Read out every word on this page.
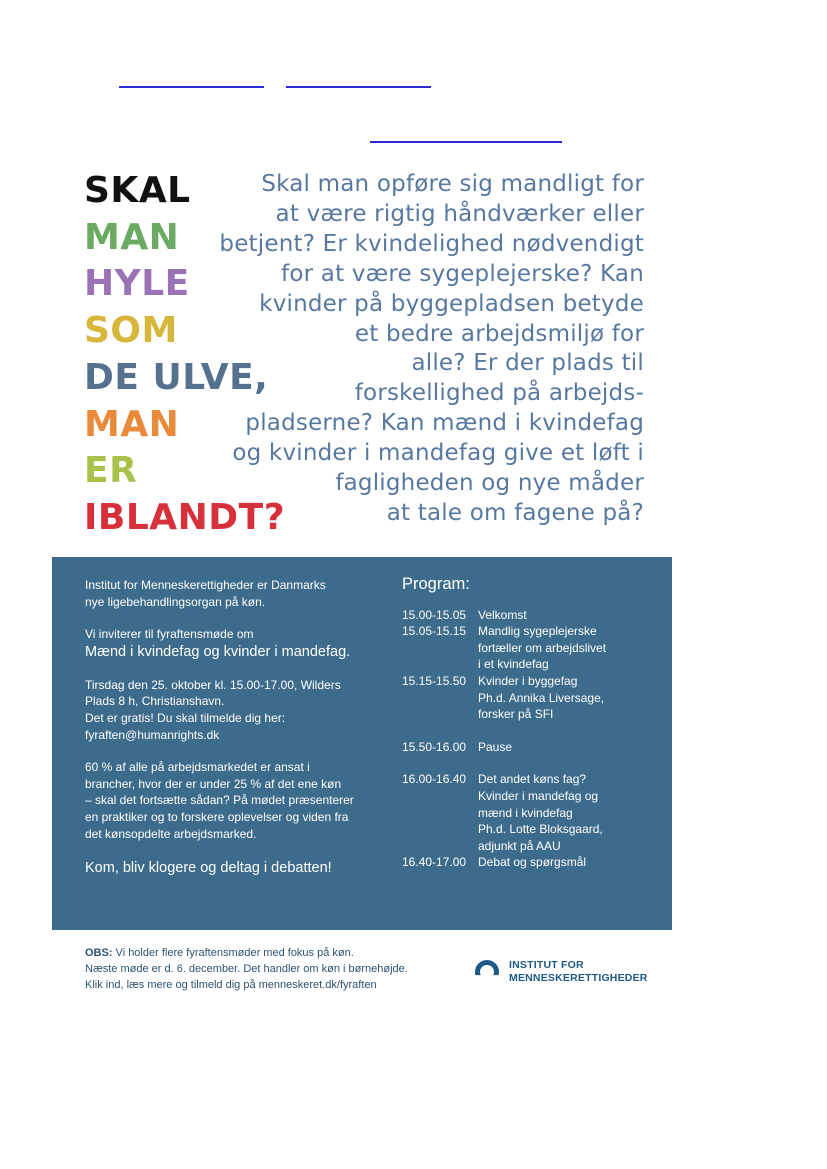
SKAL
MAN
HYLE
SOM
DE ULVE,
MAN
ER
IBLANDT?
Skal man opføre sig mandligt for
at være rigtig håndværker eller
betjent? Er kvindelighed nødvendigt
for at være sygeplejerske? Kan
kvinder på byggepladsen betyde
et bedre arbejdsmiljø for
alle? Er der plads til
forskellighed på arbejds-
pladserne? Kan mænd i kvindefag
og kvinder i mandefag give et løft i
fagligheden og nye måder
at tale om fagene på?

Institut for Menneskerettigheder er Danmarks

nye ligebehandlingsorgan på køn.

Vi inviterer til fyraftensmøde om

Mænd i kvindefag og kvinder i mandefag.

Tirsdag den 25. oktober kl. 15.00-17.00, Wilders

Plads 8 h, Christianshavn.

Det er gratis! Du skal tilmelde dig her:

fyraften@humanrights.dk

60 % af alle på arbejdsmarkedet er ansat i

brancher, hvor der er under 25 % af det ene køn

– skal det fortsætte sådan? På mødet præsenterer

en praktiker og to forskere oplevelser og viden fra

det kønsopdelte arbejdsmarked.

Kom, bliv klogere og deltag i debatten!

Program:

15.00-15.05 Velkomst
15.05-15.15 Mandlig sygeplejerske
fortæller om arbejdslivet
i et kvindefag
15.15-15.50 Kvinder i byggefag
Ph.d. Annika Liversage,
forsker på SFI
15.50-16.00 Pause
16.00-16.40 Det andet køns fag?
Kvinder i mandefag og
mænd i kvindefag
Ph.d. Lotte Bloksgaard,
adjunkt på AAU
16.40-17.00 Debat og spørgsmål

OBS: Vi holder flere fyraftensmøder med fokus på køn.

Næste møde er d. 6. december. Det handler om køn i børnehøjde.

Klik ind, læs mere og tilmeld dig på menneskeret.dk/fyraften

INSTITUT FOR
MENNESKERETTIGHEDER
